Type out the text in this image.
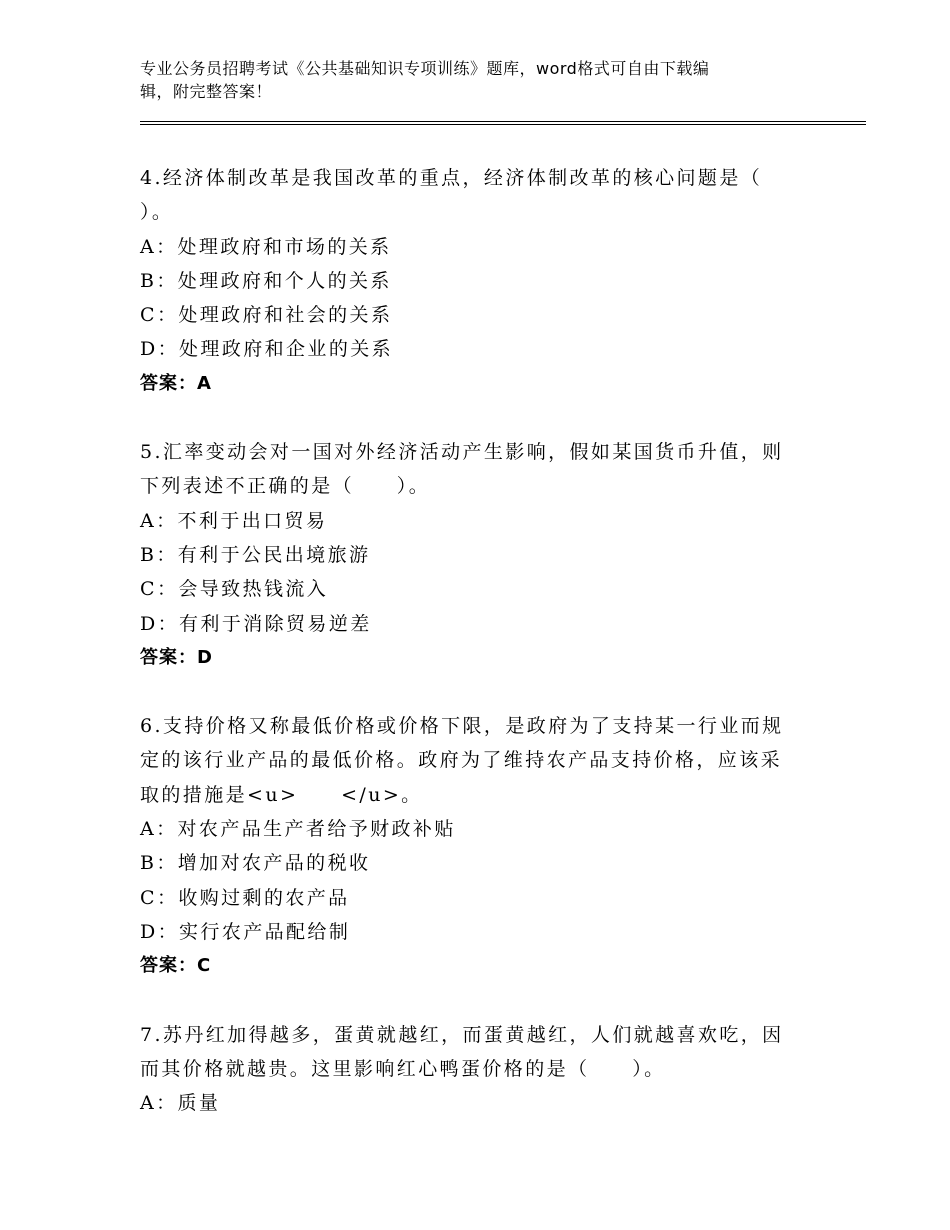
专业公务员招聘考试《公共基础知识专项训练》题库，word格式可自由下载编
辑，附完整答案！
4.经济体制改革是我国改革的重点，经济体制改革的核心问题是（
）。
A：处理政府和市场的关系
B：处理政府和个人的关系
C：处理政府和社会的关系
D：处理政府和企业的关系
答案：A
5.汇率变动会对一国对外经济活动产生影响，假如某国货币升值，则
下列表述不正确的是（　　）。
A：不利于出口贸易
B：有利于公民出境旅游
C：会导致热钱流入
D：有利于消除贸易逆差
答案：D
6.支持价格又称最低价格或价格下限，是政府为了支持某一行业而规
定的该行业产品的最低价格。政府为了维持农产品支持价格，应该采
取的措施是<u>　　</u>。
A：对农产品生产者给予财政补贴
B：增加对农产品的税收
C：收购过剩的农产品
D：实行农产品配给制
答案：C
7.苏丹红加得越多，蛋黄就越红，而蛋黄越红，人们就越喜欢吃，因
而其价格就越贵。这里影响红心鸭蛋价格的是（　　）。
A：质量
